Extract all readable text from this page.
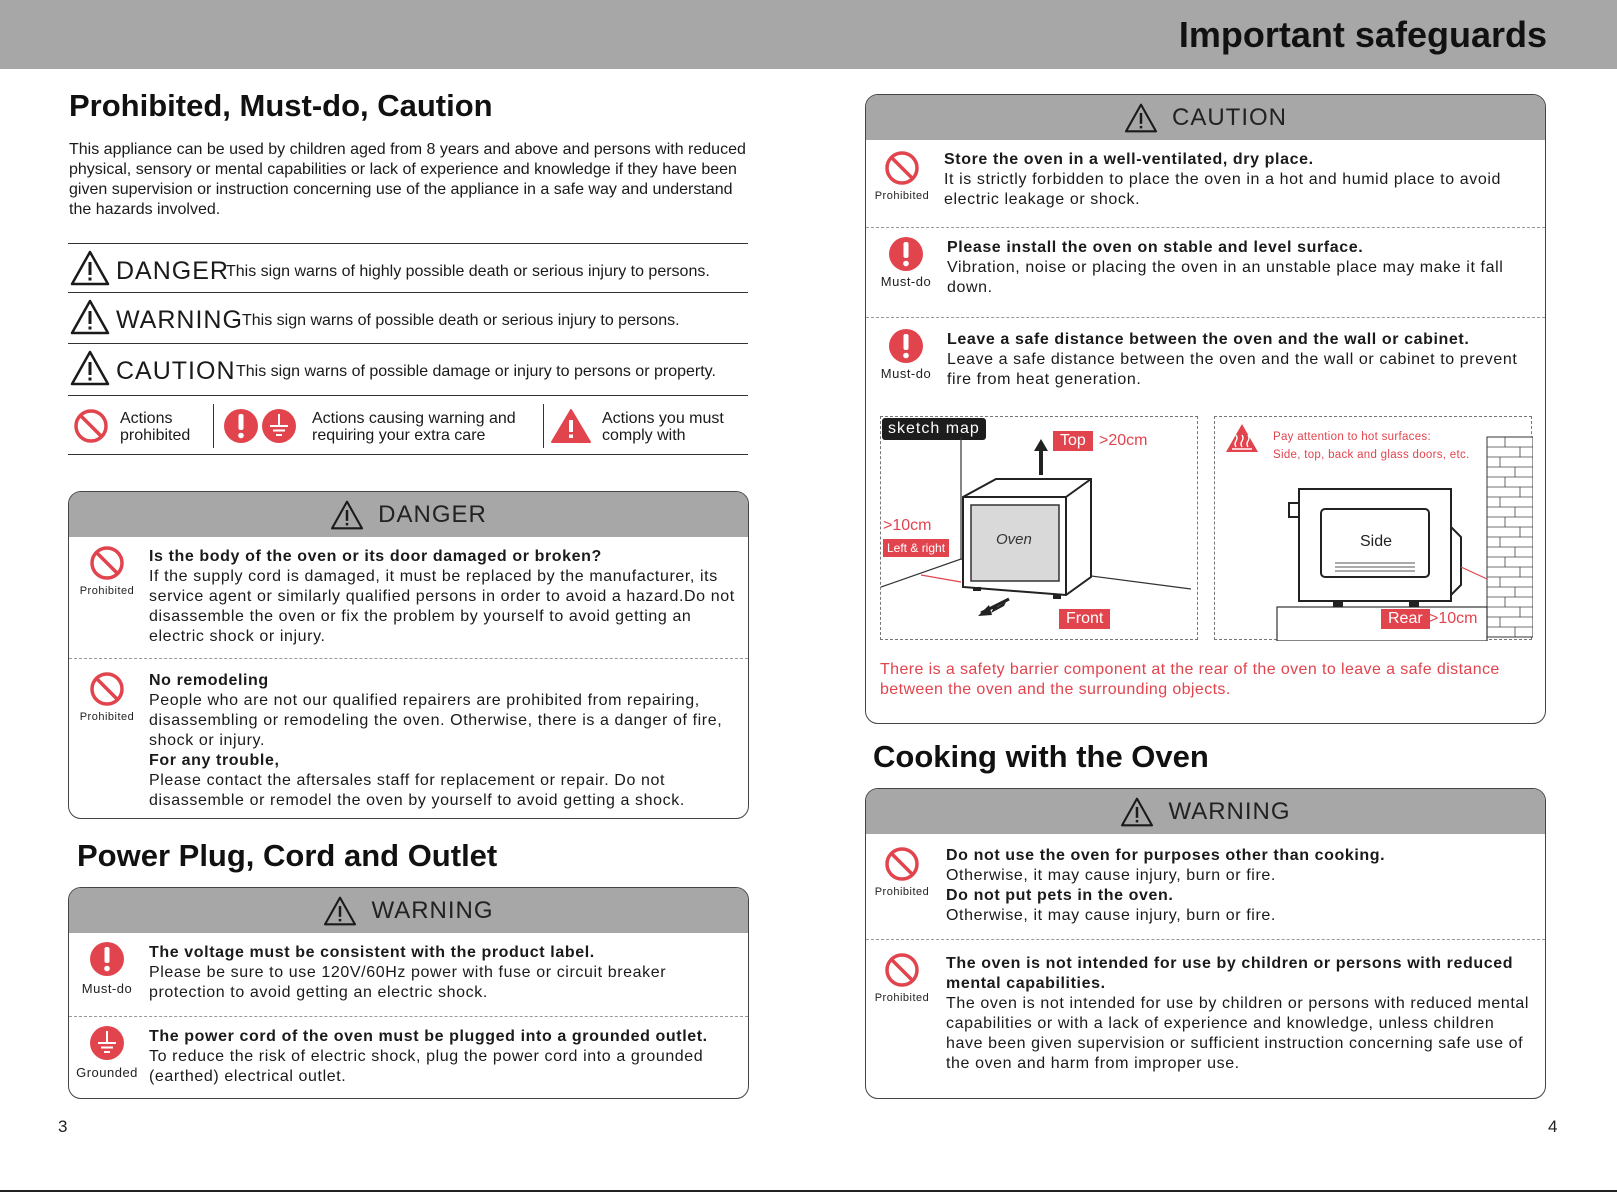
Important safeguards
Prohibited, Must-do, Caution
This appliance can be used by children aged from 8 years and above and persons with reduced physical, sensory or mental capabilities or lack of experience and knowledge if they have been given supervision or instruction concerning use of the appliance in a safe way and understand the hazards involved.
DANGER
This sign warns of highly possible death or serious injury to persons.
WARNING This sign warns of possible death or serious injury to persons.
CAUTION This sign warns of possible damage or injury to persons or property.
Actions
prohibited
Actions causing warning and
requiring your extra care
Actions you must
comply with
DANGER
Prohibited
Is the body of the oven or its door damaged or broken?
If the supply cord is damaged, it must be replaced by the manufacturer, its service agent or similarly qualified persons in order to avoid a hazard.Do not disassemble the oven or fix the problem by yourself to avoid getting an electric shock or injury.
Prohibited
No remodeling
People who are not our qualified repairers are prohibited from repairing, disassembling or remodeling the oven. Otherwise, there is a danger of fire, shock or injury.
For any trouble,
Please contact the aftersales staff for replacement or repair. Do not disassemble or remodel the oven by yourself to avoid getting a shock.
Power Plug, Cord and Outlet
WARNING
Must-do
The voltage must be consistent with the product label.
Please be sure to use 120V/60Hz power with fuse or circuit breaker protection to avoid getting an electric shock.
Grounded
The power cord of the oven must be plugged into a grounded outlet.
To reduce the risk of electric shock, plug the power cord into a grounded (earthed) electrical outlet.
3
CAUTION
Prohibited
Store the oven in a well-ventilated, dry place.
It is strictly forbidden to place the oven in a hot and humid place to avoid electric leakage or shock.
Must-do
Please install the oven on stable and level surface.
Vibration, noise or placing the oven in an unstable place may make it fall down.
Must-do
Leave a safe distance between the oven and the wall or cabinet.
Leave a safe distance between the oven and the wall or cabinet to prevent fire from heat generation.
sketch map
Oven
Top >20cm
>10cm
Left & right
Front
Pay attention to hot surfaces:
Side, top, back and glass doors, etc.
Side
Rear >10cm
There is a safety barrier component at the rear of the oven to leave a safe distance between the oven and the surrounding objects.
Cooking with the Oven
WARNING
Prohibited
Do not use the oven for purposes other than cooking.
Otherwise, it may cause injury, burn or fire.
Do not put pets in the oven.
Otherwise, it may cause injury, burn or fire.
Prohibited
The oven is not intended for use by children or persons with reduced mental capabilities.
The oven is not intended for use by children or persons with reduced mental capabilities or with a lack of experience and knowledge, unless children have been given supervision or sufficient instruction concerning safe use of the oven and harm from improper use.
4
